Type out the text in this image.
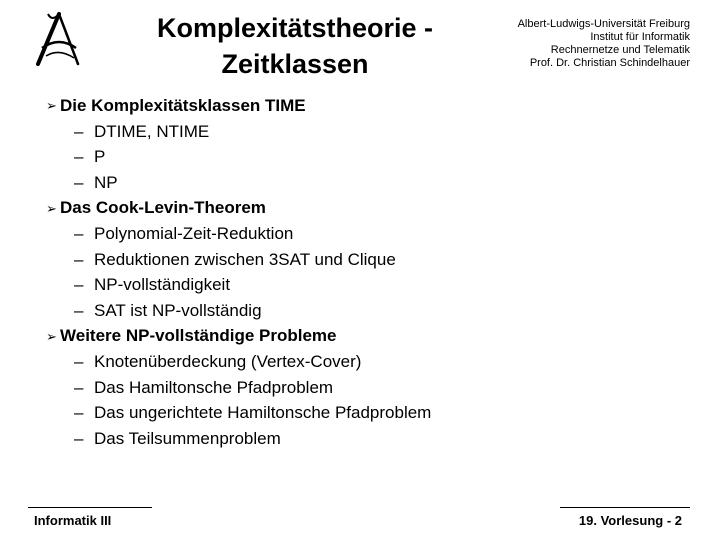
Komplexitätstheorie -
Zeitklassen
Albert-Ludwigs-Universität Freiburg
Institut für Informatik
Rechnernetze und Telematik
Prof. Dr. Christian Schindelhauer
➢ Die Komplexitätsklassen TIME
– DTIME, NTIME
– P
– NP
➢ Das Cook-Levin-Theorem
– Polynomial-Zeit-Reduktion
– Reduktionen zwischen 3SAT und Clique
– NP-vollständigkeit
– SAT ist NP-vollständig
➢ Weitere NP-vollständige Probleme
– Knotenüberdeckung (Vertex-Cover)
– Das Hamiltonsche Pfadproblem
– Das ungerichtete Hamiltonsche Pfadproblem
– Das Teilsummenproblem
Informatik III	19. Vorlesung - 2
